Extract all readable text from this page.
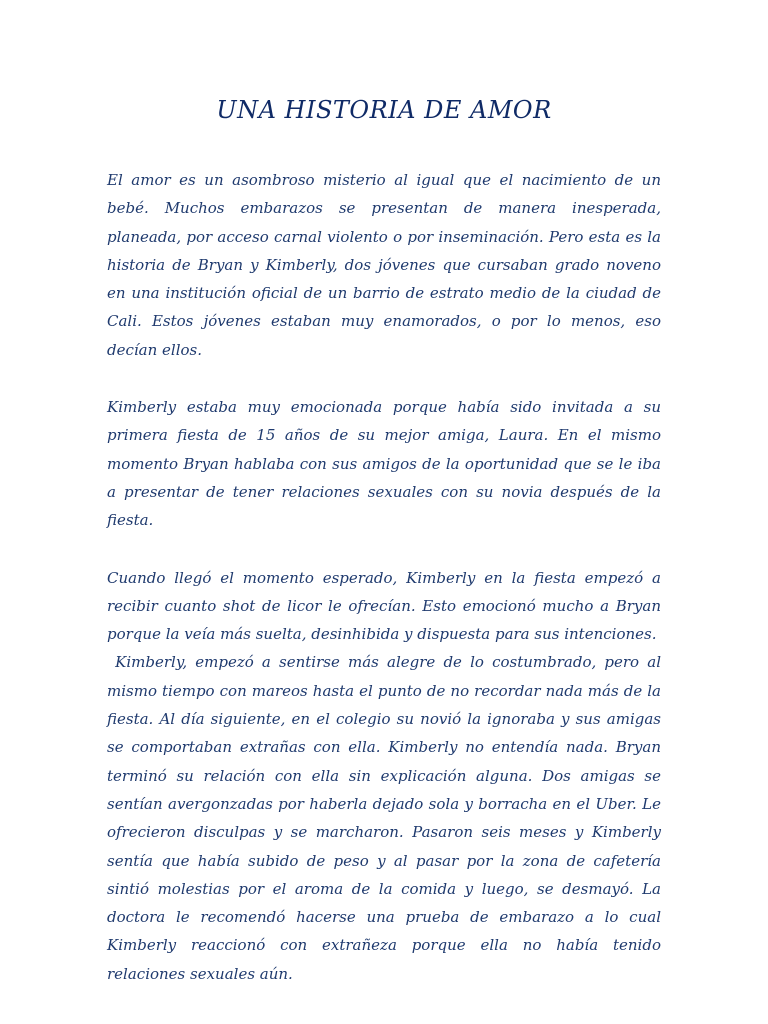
UNA HISTORIA DE AMOR

El amor es un asombroso misterio al igual que el nacimiento de un bebé. Muchos embarazos se presentan de manera inesperada, planeada, por acceso carnal violento o por inseminación. Pero esta es la historia de Bryan y Kimberly, dos jóvenes que cursaban grado noveno en una institución oficial de un barrio de estrato medio de la ciudad de Cali. Estos jóvenes estaban muy enamorados, o por lo menos, eso decían ellos.

Kimberly estaba muy emocionada porque había sido invitada a su primera fiesta de 15 años de su mejor amiga, Laura. En el mismo momento Bryan hablaba con sus amigos de la oportunidad que se le iba a presentar de tener relaciones sexuales con su novia después de la fiesta.

Cuando llegó el momento esperado, Kimberly en la fiesta empezó a recibir cuanto shot de licor le ofrecían. Esto emocionó mucho a Bryan porque la veía más suelta, desinhibida y dispuesta para sus intenciones.

Kimberly, empezó a sentirse más alegre de lo costumbrado, pero al mismo tiempo con mareos hasta el punto de no recordar nada más de la fiesta. Al día siguiente, en el colegio su novió la ignoraba y sus amigas se comportaban extrañas con ella. Kimberly no entendía nada. Bryan terminó su relación con ella sin explicación alguna. Dos amigas se sentían avergonzadas por haberla dejado sola y borracha en el Uber. Le ofrecieron disculpas y se marcharon. Pasaron seis meses y Kimberly sentía que había subido de peso y al pasar por la zona de cafetería sintió molestias por el aroma de la comida y luego, se desmayó. La doctora le recomendó hacerse una prueba de embarazo a lo cual Kimberly reaccionó con extrañeza porque ella no había tenido relaciones sexuales aún.
